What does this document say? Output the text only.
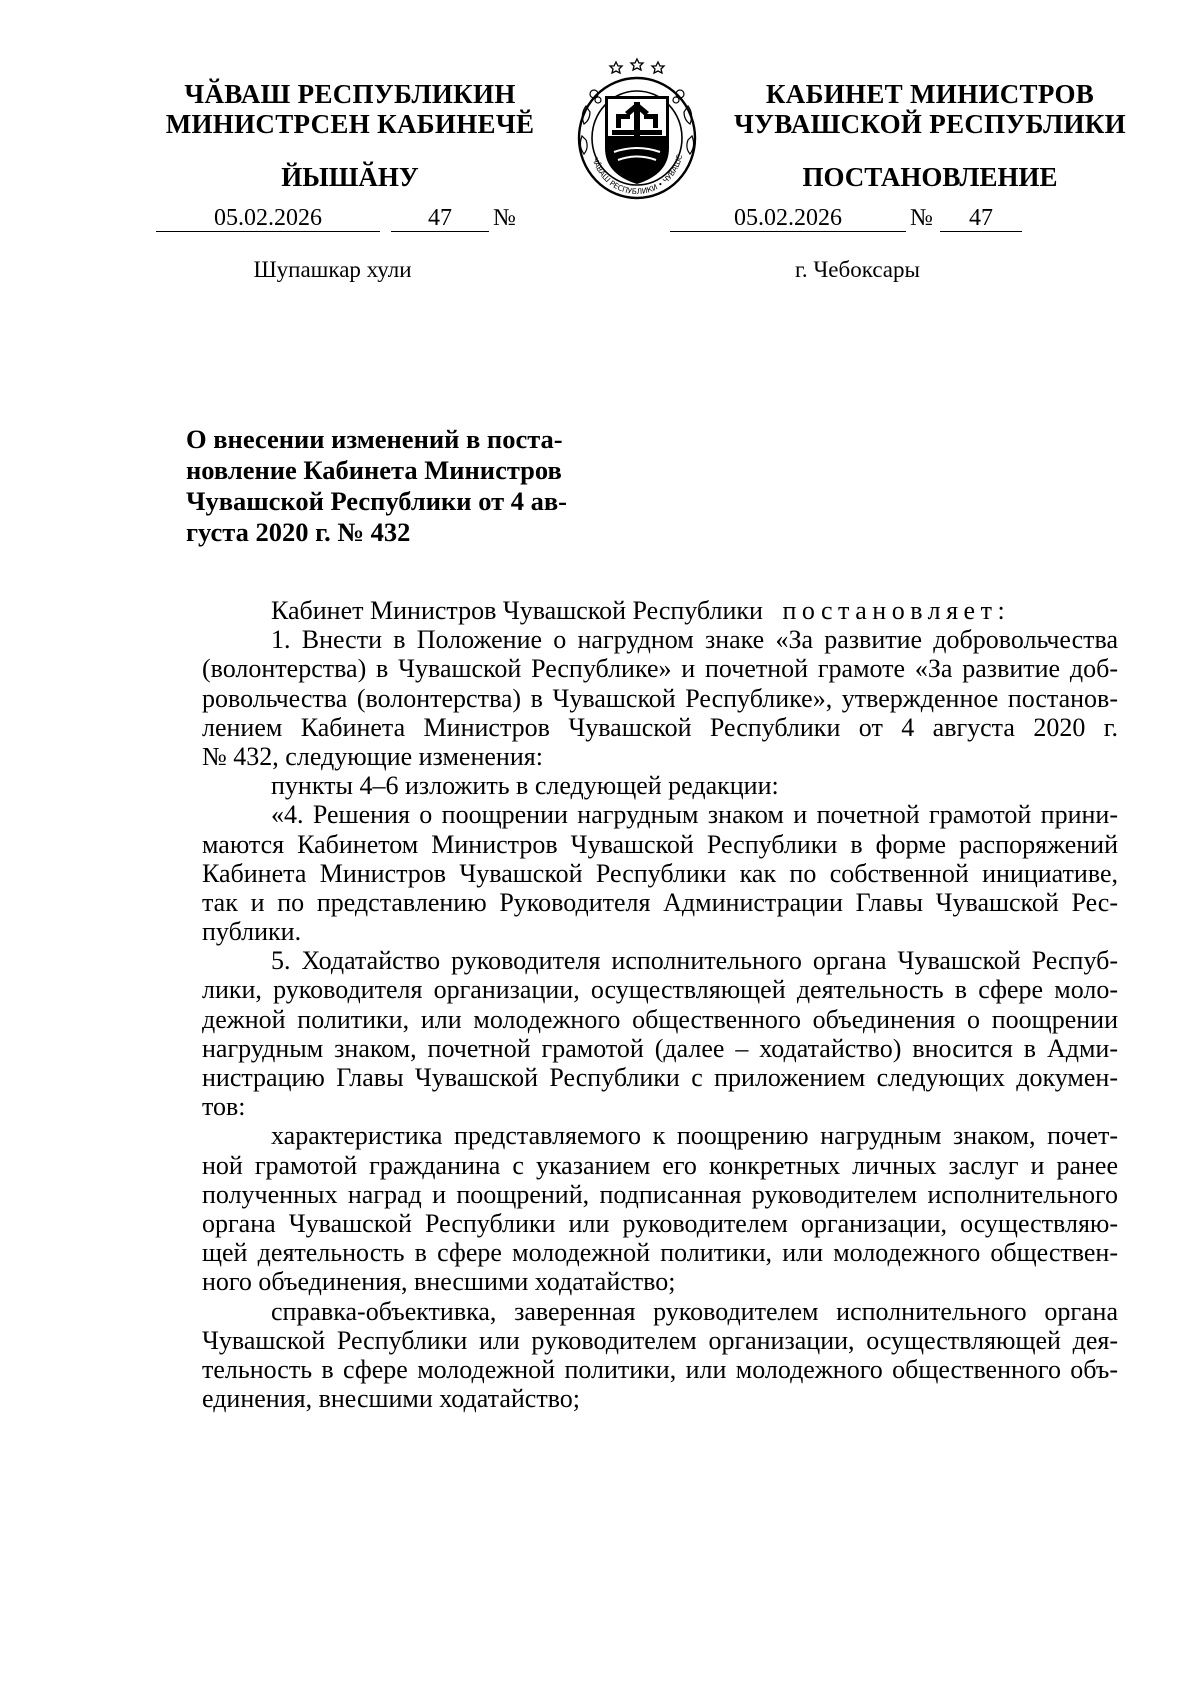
ЧӐВАШ РЕСПУБЛИКИН
МИНИСТРСЕН КАБИНЕЧӖ
ЙЫШӐНУ
КАБИНЕТ МИНИСТРОВ
ЧУВАШСКОЙ РЕСПУБЛИКИ
ПОСТАНОВЛЕНИЕ
ЧӐВАШ РЕСПУБЛИКИ • ЧУВАШС
05.02.2026	47	№	05.02.2026	№	47
Шупашкар хули	г. Чебоксары
О внесении изменений в поста-
новление Кабинета Министров
Чувашской Республики от 4 ав-
густа 2020 г. № 432
Кабинет Министров Чувашской Республики постановляет:
1. Внести в Положение о нагрудном знаке «За развитие добровольчества
(волонтерства) в Чувашской Республике» и почетной грамоте «За развитие доб-
ровольчества (волонтерства) в Чувашской Республике», утвержденное постанов-
лением Кабинета Министров Чувашской Республики от 4 августа 2020 г.
№ 432, следующие изменения:
пункты 4–6 изложить в следующей редакции:
«4. Решения о поощрении нагрудным знаком и почетной грамотой прини-
маются Кабинетом Министров Чувашской Республики в форме распоряжений
Кабинета Министров Чувашской Республики как по собственной инициативе,
так и по представлению Руководителя Администрации Главы Чувашской Рес-
публики.
5. Ходатайство руководителя исполнительного органа Чувашской Респуб-
лики, руководителя организации, осуществляющей деятельность в сфере моло-
дежной политики, или молодежного общественного объединения о поощрении
нагрудным знаком, почетной грамотой (далее – ходатайство) вносится в Адми-
нистрацию Главы Чувашской Республики с приложением следующих докумен-
тов:
характеристика представляемого к поощрению нагрудным знаком, почет-
ной грамотой гражданина с указанием его конкретных личных заслуг и ранее
полученных наград и поощрений, подписанная руководителем исполнительного
органа Чувашской Республики или руководителем организации, осуществляю-
щей деятельность в сфере молодежной политики, или молодежного обществен-
ного объединения, внесшими ходатайство;
справка-объективка, заверенная руководителем исполнительного органа
Чувашской Республики или руководителем организации, осуществляющей дея-
тельность в сфере молодежной политики, или молодежного общественного объ-
единения, внесшими ходатайство;
